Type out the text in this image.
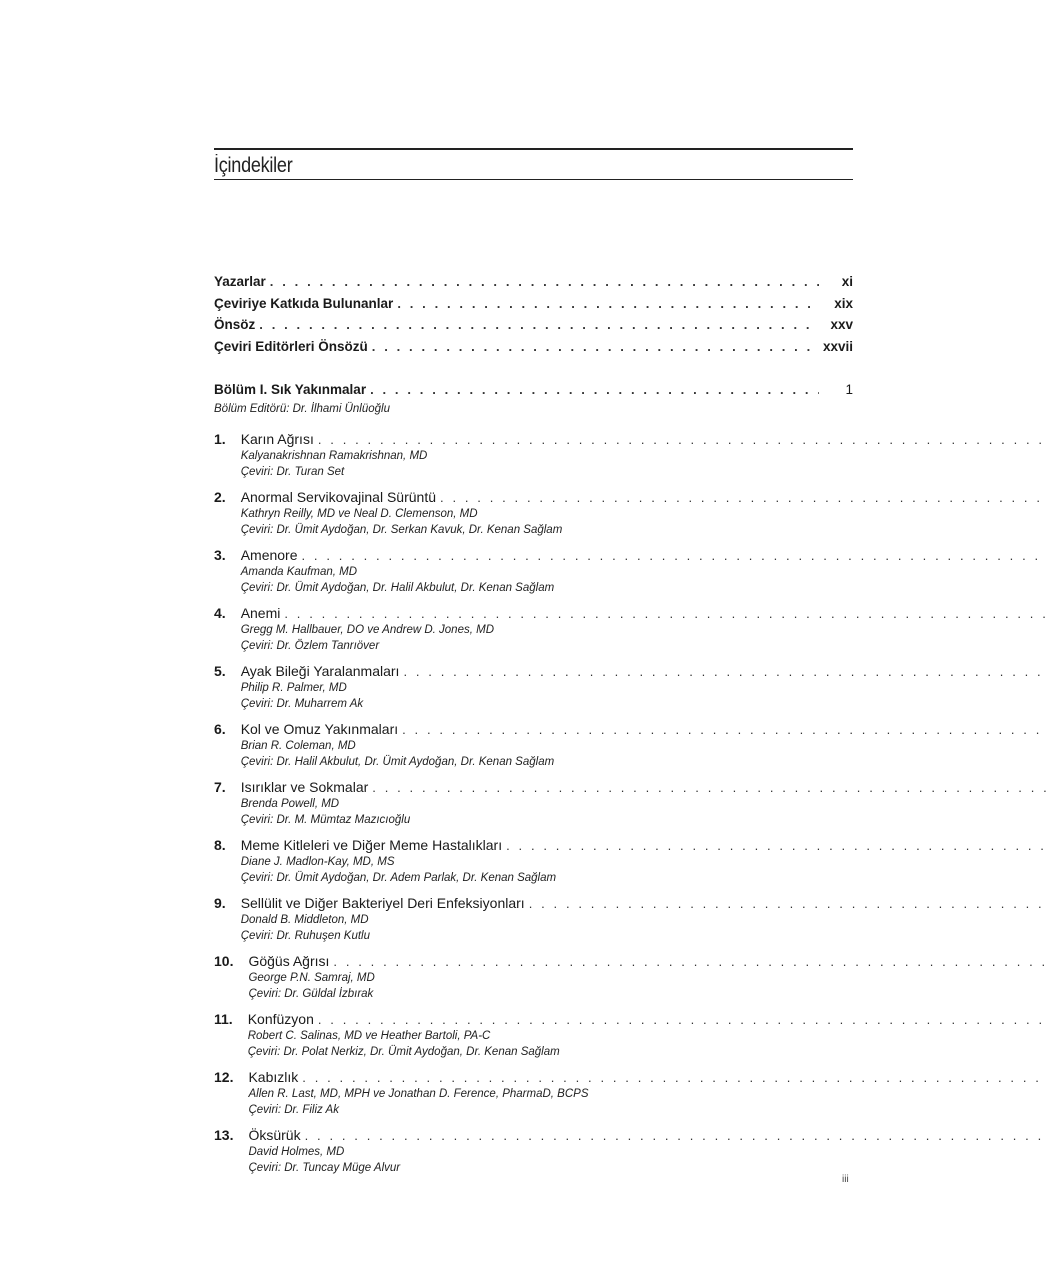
İçindekiler
Yazarlar . . .	xi
Çeviriye Katkıda Bulunanlar . . .	xix
Önsöz . . .	xxv
Çeviri Editörleri Önsözü . . .	xxvii
Bölüm I. Sık Yakınmalar . . .	1
Bölüm Editörü: Dr. İlhami Ünlüoğlu
1.	Karın Ağrısı
. . .
Kalyanakrishnan Ramakrishnan, MD
Çeviri: Dr. Turan Set
2.	Anormal Servikovajinal Sürüntü
. . .
Kathryn Reilly, MD ve Neal D. Clemenson, MD
Çeviri: Dr. Ümit Aydoğan, Dr. Serkan Kavuk, Dr. Kenan Sağlam
3.	Amenore
. . .
Amanda Kaufman, MD
Çeviri: Dr. Ümit Aydoğan, Dr. Halil Akbulut, Dr. Kenan Sağlam
4.	Anemi
. . .
Gregg M. Hallbauer, DO ve Andrew D. Jones, MD
Çeviri: Dr. Özlem Tanrıöver
5.	Ayak Bileği Yaralanmaları
. . .
Philip R. Palmer, MD
Çeviri: Dr. Muharrem Ak
6.	Kol ve Omuz Yakınmaları
. . .
Brian R. Coleman, MD
Çeviri: Dr. Halil Akbulut, Dr. Ümit Aydoğan, Dr. Kenan Sağlam
7.	Isırıklar ve Sokmalar
. . .
Brenda Powell, MD
Çeviri: Dr. M. Mümtaz Mazıcıoğlu
8.	Meme Kitleleri ve Diğer Meme Hastalıkları
. . .
Diane J. Madlon-Kay, MD, MS
Çeviri: Dr. Ümit Aydoğan, Dr. Adem Parlak, Dr. Kenan Sağlam
9.	Sellülit ve Diğer Bakteriyel Deri Enfeksiyonları
. . .
Donald B. Middleton, MD
Çeviri: Dr. Ruhuşen Kutlu
10.	Göğüs Ağrısı
. . .
George P.N. Samraj, MD
Çeviri: Dr. Güldal İzbırak
11.	Konfüzyon
. . .
Robert C. Salinas, MD ve Heather Bartoli, PA-C
Çeviri: Dr. Polat Nerkiz, Dr. Ümit Aydoğan, Dr. Kenan Sağlam
12.	Kabızlık
. . .
Allen R. Last, MD, MPH ve Jonathan D. Ference, PharmaD, BCPS
Çeviri: Dr. Filiz Ak
13.	Öksürük
. . .
David Holmes, MD
Çeviri: Dr. Tuncay Müge Alvur
iii
